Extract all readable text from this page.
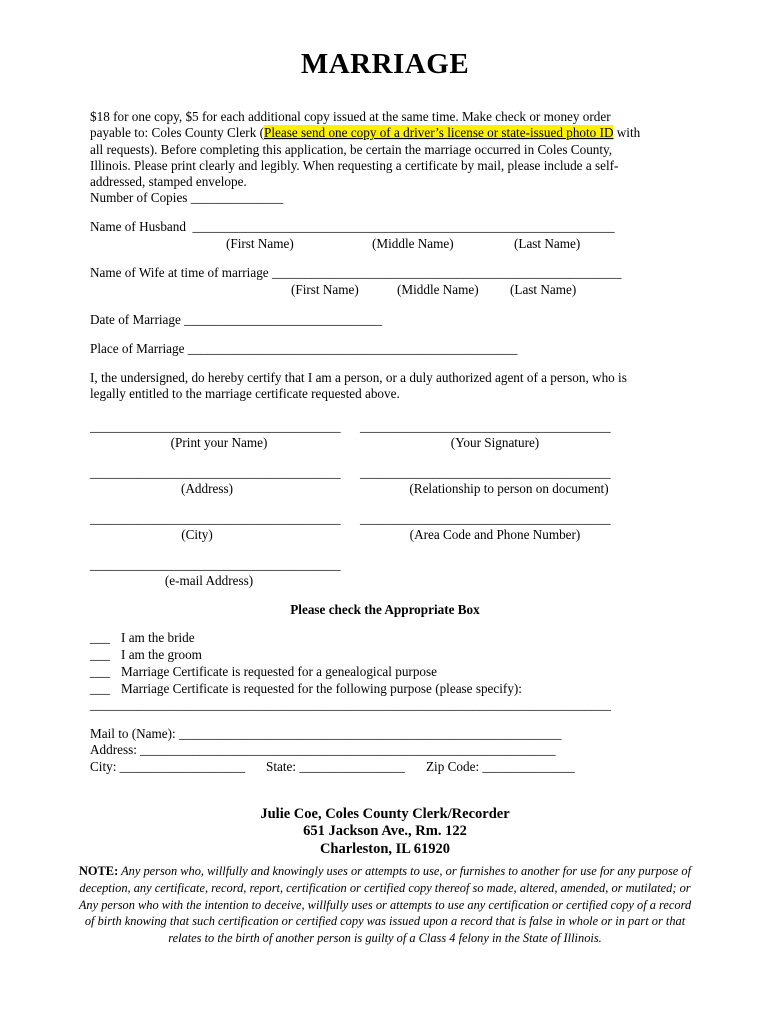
MARRIAGE
$18 for one copy, $5 for each additional copy issued at the same time. Make check or money order
payable to: Coles County Clerk (Please send one copy of a driver’s license or state-issued photo ID with
all requests). Before completing this application, be certain the marriage occurred in Coles County,
Illinois. Please print clearly and legibly. When requesting a certificate by mail, please include a self-
addressed, stamped envelope.
Number of Copies ______________
Name of Husband  ________________________________________________________________
(First Name)	(Middle Name)	(Last Name)
Name of Wife at time of marriage _____________________________________________________
(First Name)	(Middle Name) (Last Name)
Date of Marriage ______________________________
Place of Marriage __________________________________________________
I, the undersigned, do hereby certify that I am a person, or a duly authorized agent of a person, who is
legally entitled to the marriage certificate requested above.
______________________________________ ______________________________________
(Print your Name)	(Your Signature)
______________________________________ ______________________________________
(Address)	(Relationship to person on document)
______________________________________ ______________________________________
(City)	(Area Code and Phone Number)
______________________________________
(e-mail Address)
Please check the Appropriate Box
___ I am the bride
___ I am the groom
___ Marriage Certificate is requested for a genealogical purpose
___ Marriage Certificate is requested for the following purpose (please specify):
_______________________________________________________________________________
Mail to (Name): __________________________________________________________
Address: _______________________________________________________________
City: ___________________ State: ________________ Zip Code: ______________
Julie Coe, Coles County Clerk/Recorder
651 Jackson Ave., Rm. 122
Charleston, IL 61920
NOTE: Any person who, willfully and knowingly uses or attempts to use, or furnishes to another for use for any purpose of deception, any certificate, record, report, certification or certified copy thereof so made, altered, amended, or mutilated; or Any person who with the intention to deceive, willfully uses or attempts to use any certification or certified copy of a record of birth knowing that such certification or certified copy was issued upon a record that is false in whole or in part or that relates to the birth of another person is guilty of a Class 4 felony in the State of Illinois.
